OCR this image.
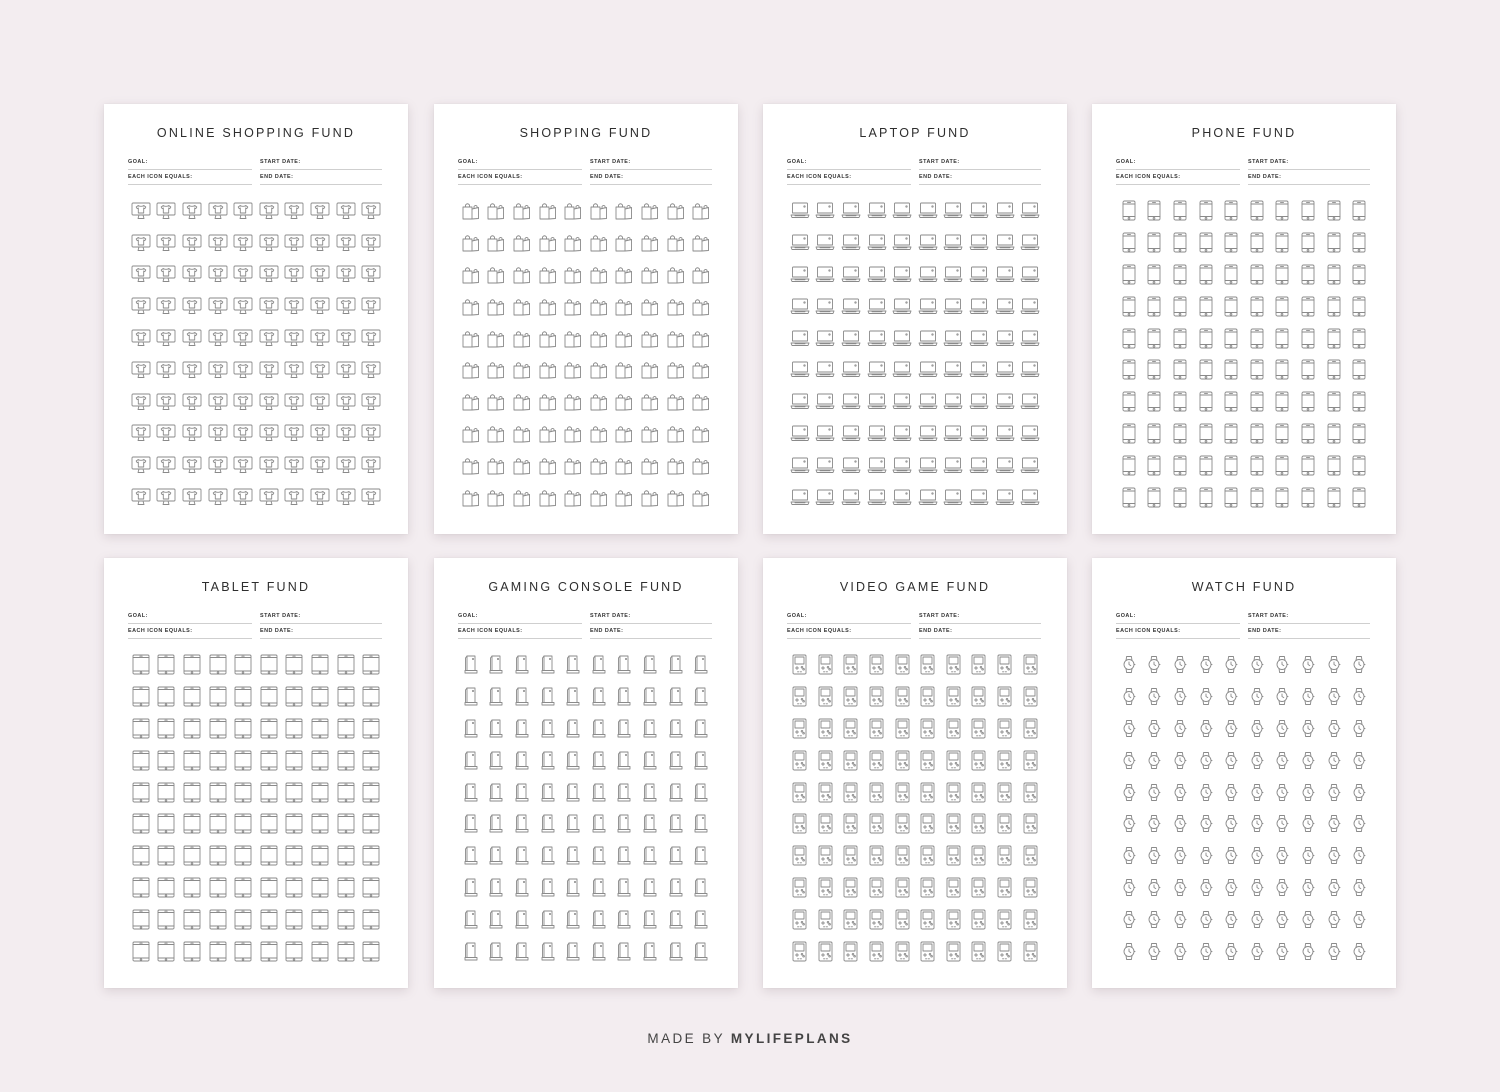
ONLINE SHOPPING FUND
GOAL:	START DATE:
EACH ICON EQUALS:	END DATE:
SHOPPING FUND
GOAL:	START DATE:
EACH ICON EQUALS:	END DATE:
LAPTOP FUND
GOAL:	START DATE:
EACH ICON EQUALS:	END DATE:
PHONE FUND
GOAL:	START DATE:
EACH ICON EQUALS:	END DATE:
TABLET FUND
GOAL:	START DATE:
EACH ICON EQUALS:	END DATE:
GAMING CONSOLE FUND
GOAL:	START DATE:
EACH ICON EQUALS:	END DATE:
VIDEO GAME FUND
GOAL:	START DATE:
EACH ICON EQUALS:	END DATE:
WATCH FUND
GOAL:	START DATE:
EACH ICON EQUALS:	END DATE:
MADE BY MYLIFEPLANS
